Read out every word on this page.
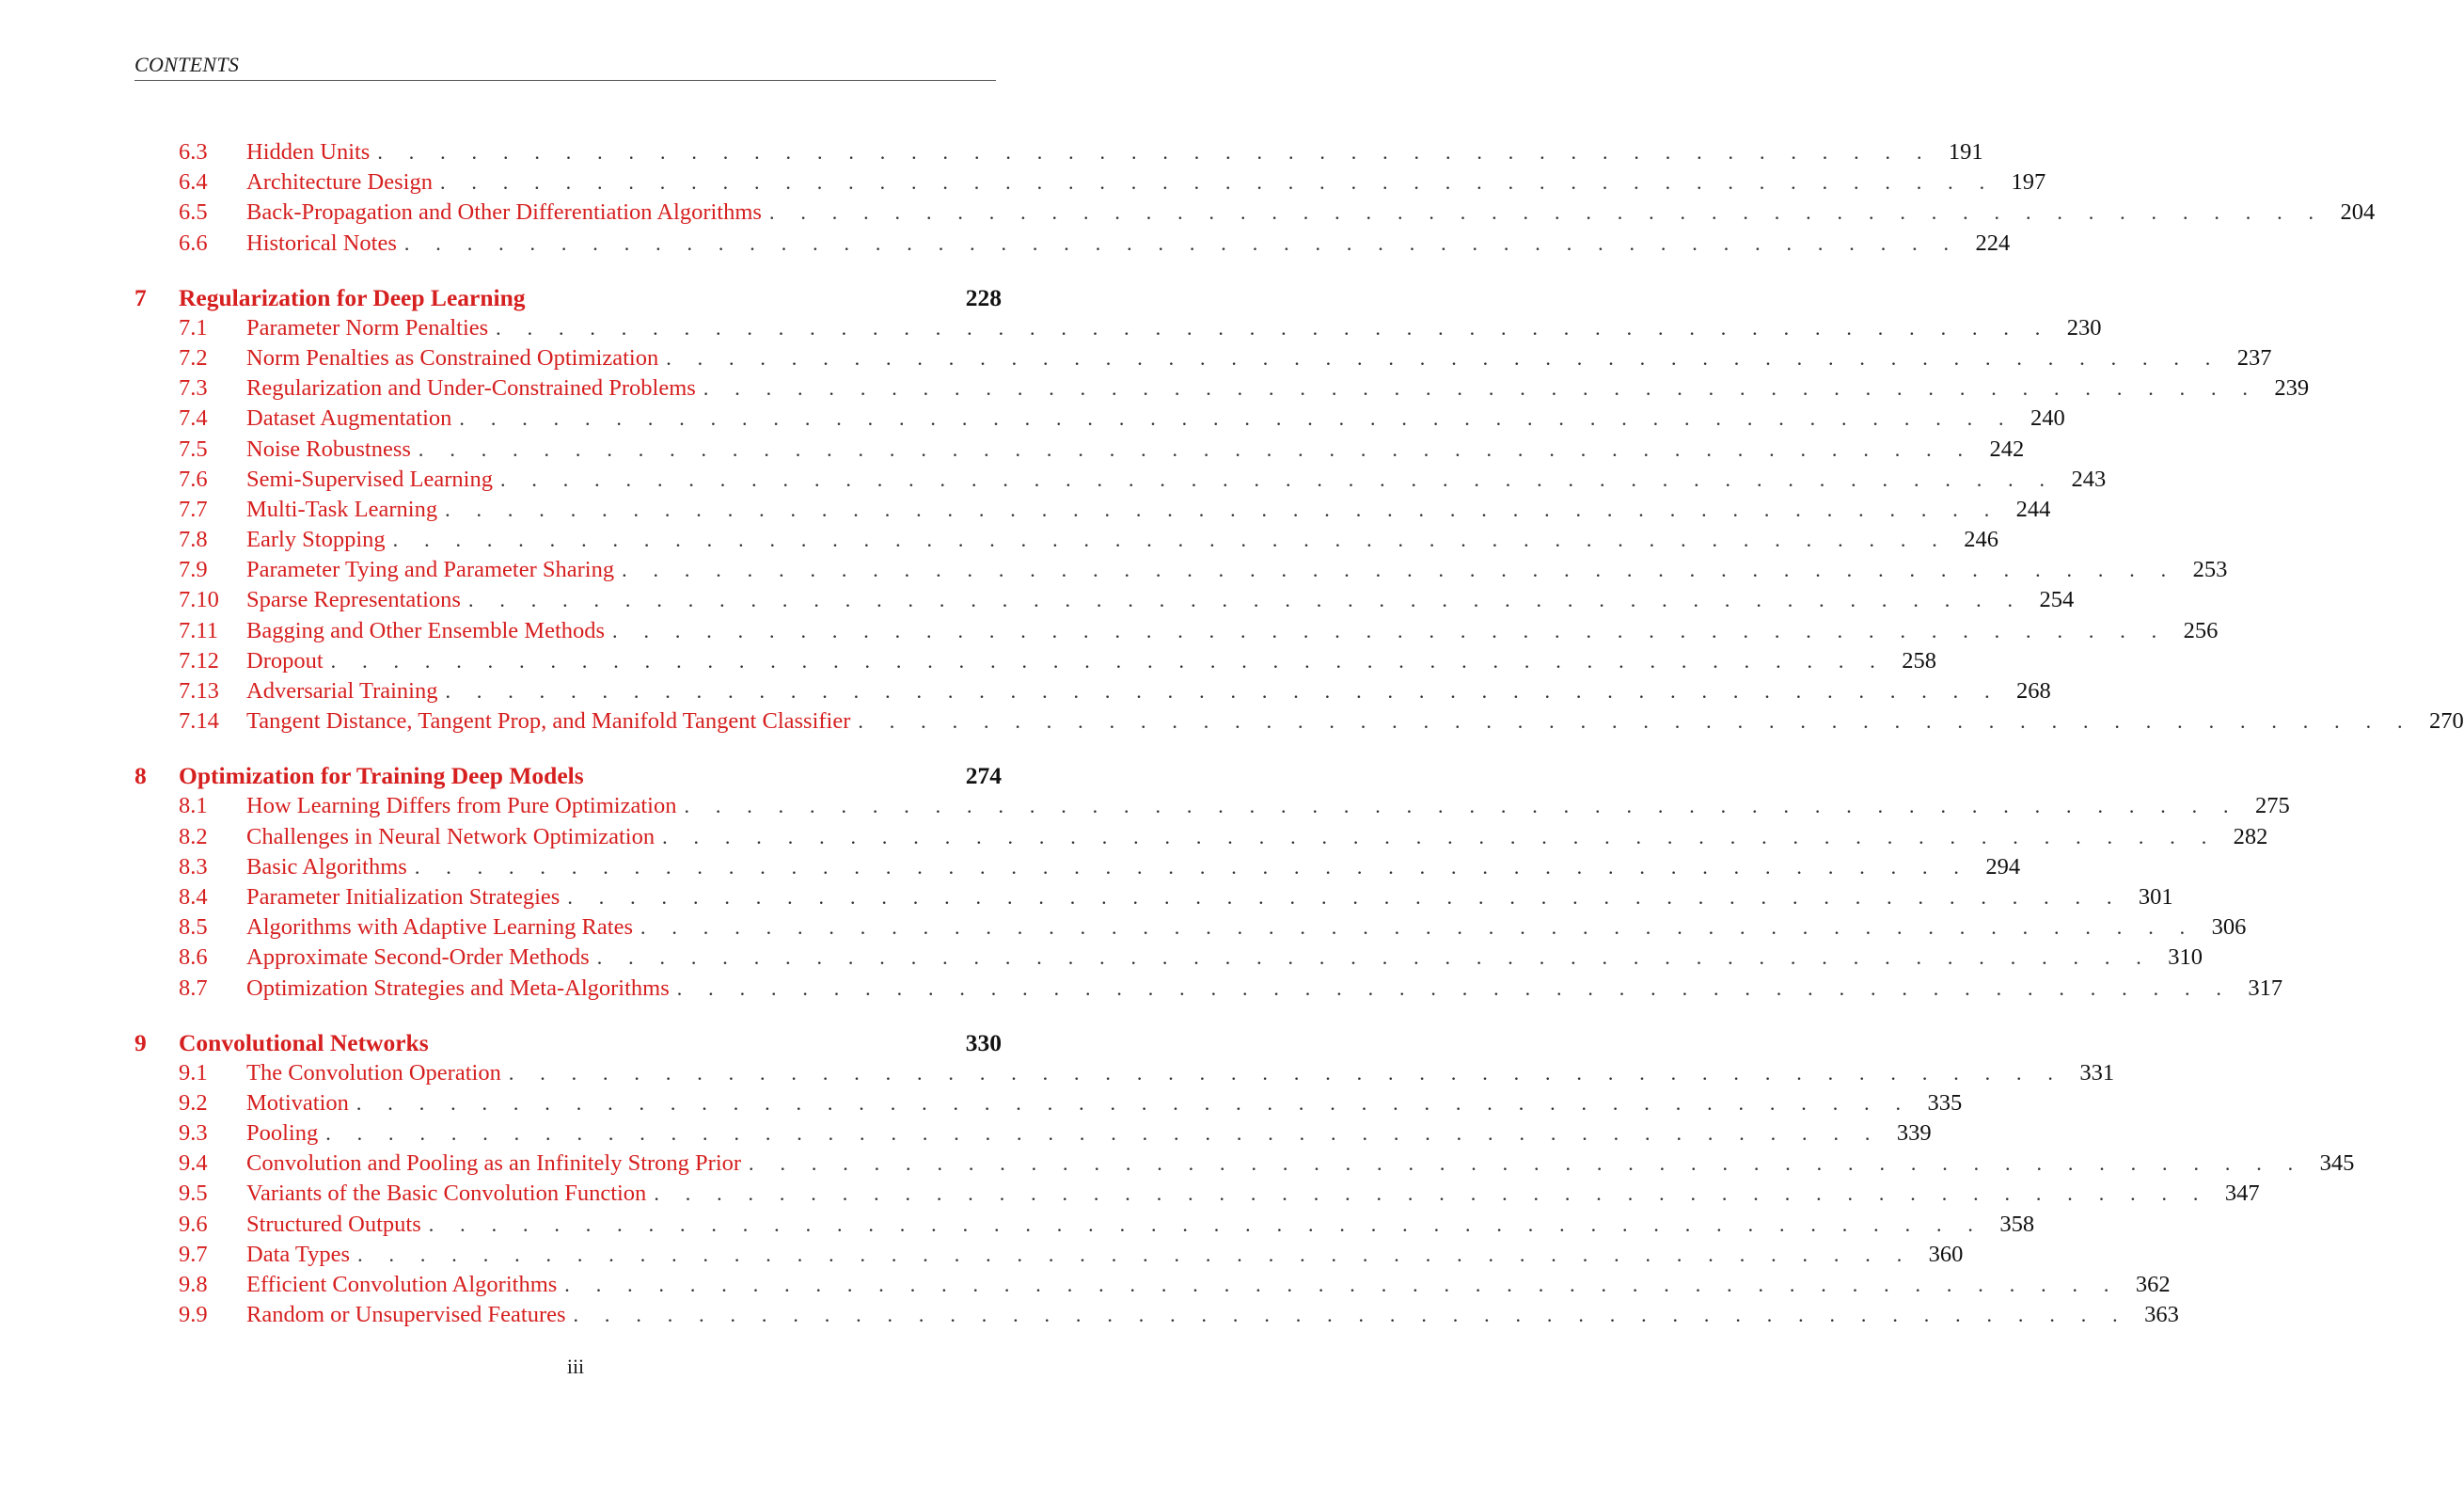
CONTENTS
6.3	Hidden Units . . . . . . . . . . . . . . . . . . . . . . . . . . . . . . . . . . . . . . . . . . . . . . . . . . 191
6.4	Architecture Design . . . . . . . . . . . . . . . . . . . . . . . . . . . . . . . . . . . . . . . . . . . . . . . . . . 197
6.5	Back-Propagation and Other Differentiation Algorithms . . . . . . . . . . . . . . . . . . . . . . . . . . . . . . . . . . . . . . . . . . . . . . . . . . 204
6.6	Historical Notes . . . . . . . . . . . . . . . . . . . . . . . . . . . . . . . . . . . . . . . . . . . . . . . . . . 224
7	Regularization for Deep Learning	228
7.1	Parameter Norm Penalties . . . . . . . . . . . . . . . . . . . . . . . . . . . . . . . . . . . . . . . . . . . . . . . . . . 230
7.2	Norm Penalties as Constrained Optimization . . . . . . . . . . . . . . . . . . . . . . . . . . . . . . . . . . . . . . . . . . . . . . . . . . 237
7.3	Regularization and Under-Constrained Problems . . . . . . . . . . . . . . . . . . . . . . . . . . . . . . . . . . . . . . . . . . . . . . . . . . 239
7.4	Dataset Augmentation . . . . . . . . . . . . . . . . . . . . . . . . . . . . . . . . . . . . . . . . . . . . . . . . . . 240
7.5	Noise Robustness . . . . . . . . . . . . . . . . . . . . . . . . . . . . . . . . . . . . . . . . . . . . . . . . . . 242
7.6	Semi-Supervised Learning . . . . . . . . . . . . . . . . . . . . . . . . . . . . . . . . . . . . . . . . . . . . . . . . . . 243
7.7	Multi-Task Learning . . . . . . . . . . . . . . . . . . . . . . . . . . . . . . . . . . . . . . . . . . . . . . . . . . 244
7.8	Early Stopping . . . . . . . . . . . . . . . . . . . . . . . . . . . . . . . . . . . . . . . . . . . . . . . . . . 246
7.9	Parameter Tying and Parameter Sharing . . . . . . . . . . . . . . . . . . . . . . . . . . . . . . . . . . . . . . . . . . . . . . . . . . 253
7.10	Sparse Representations . . . . . . . . . . . . . . . . . . . . . . . . . . . . . . . . . . . . . . . . . . . . . . . . . . 254
7.11	Bagging and Other Ensemble Methods . . . . . . . . . . . . . . . . . . . . . . . . . . . . . . . . . . . . . . . . . . . . . . . . . . 256
7.12	Dropout . . . . . . . . . . . . . . . . . . . . . . . . . . . . . . . . . . . . . . . . . . . . . . . . . . 258
7.13	Adversarial Training . . . . . . . . . . . . . . . . . . . . . . . . . . . . . . . . . . . . . . . . . . . . . . . . . . 268
7.14	Tangent Distance, Tangent Prop, and Manifold Tangent Classifier . . . . . . . . . . . . . . . . . . . . . . . . . . . . . . . . . . . . . . . . . . . . . . . . . . 270
8	Optimization for Training Deep Models	274
8.1	How Learning Differs from Pure Optimization . . . . . . . . . . . . . . . . . . . . . . . . . . . . . . . . . . . . . . . . . . . . . . . . . . 275
8.2	Challenges in Neural Network Optimization . . . . . . . . . . . . . . . . . . . . . . . . . . . . . . . . . . . . . . . . . . . . . . . . . . 282
8.3	Basic Algorithms . . . . . . . . . . . . . . . . . . . . . . . . . . . . . . . . . . . . . . . . . . . . . . . . . . 294
8.4	Parameter Initialization Strategies . . . . . . . . . . . . . . . . . . . . . . . . . . . . . . . . . . . . . . . . . . . . . . . . . . 301
8.5	Algorithms with Adaptive Learning Rates . . . . . . . . . . . . . . . . . . . . . . . . . . . . . . . . . . . . . . . . . . . . . . . . . . 306
8.6	Approximate Second-Order Methods . . . . . . . . . . . . . . . . . . . . . . . . . . . . . . . . . . . . . . . . . . . . . . . . . . 310
8.7	Optimization Strategies and Meta-Algorithms . . . . . . . . . . . . . . . . . . . . . . . . . . . . . . . . . . . . . . . . . . . . . . . . . . 317
9	Convolutional Networks	330
9.1	The Convolution Operation . . . . . . . . . . . . . . . . . . . . . . . . . . . . . . . . . . . . . . . . . . . . . . . . . . 331
9.2	Motivation . . . . . . . . . . . . . . . . . . . . . . . . . . . . . . . . . . . . . . . . . . . . . . . . . . 335
9.3	Pooling . . . . . . . . . . . . . . . . . . . . . . . . . . . . . . . . . . . . . . . . . . . . . . . . . . 339
9.4	Convolution and Pooling as an Infinitely Strong Prior . . . . . . . . . . . . . . . . . . . . . . . . . . . . . . . . . . . . . . . . . . . . . . . . . . 345
9.5	Variants of the Basic Convolution Function . . . . . . . . . . . . . . . . . . . . . . . . . . . . . . . . . . . . . . . . . . . . . . . . . . 347
9.6	Structured Outputs . . . . . . . . . . . . . . . . . . . . . . . . . . . . . . . . . . . . . . . . . . . . . . . . . . 358
9.7	Data Types . . . . . . . . . . . . . . . . . . . . . . . . . . . . . . . . . . . . . . . . . . . . . . . . . . 360
9.8	Efficient Convolution Algorithms . . . . . . . . . . . . . . . . . . . . . . . . . . . . . . . . . . . . . . . . . . . . . . . . . . 362
9.9	Random or Unsupervised Features . . . . . . . . . . . . . . . . . . . . . . . . . . . . . . . . . . . . . . . . . . . . . . . . . . 363
iii
